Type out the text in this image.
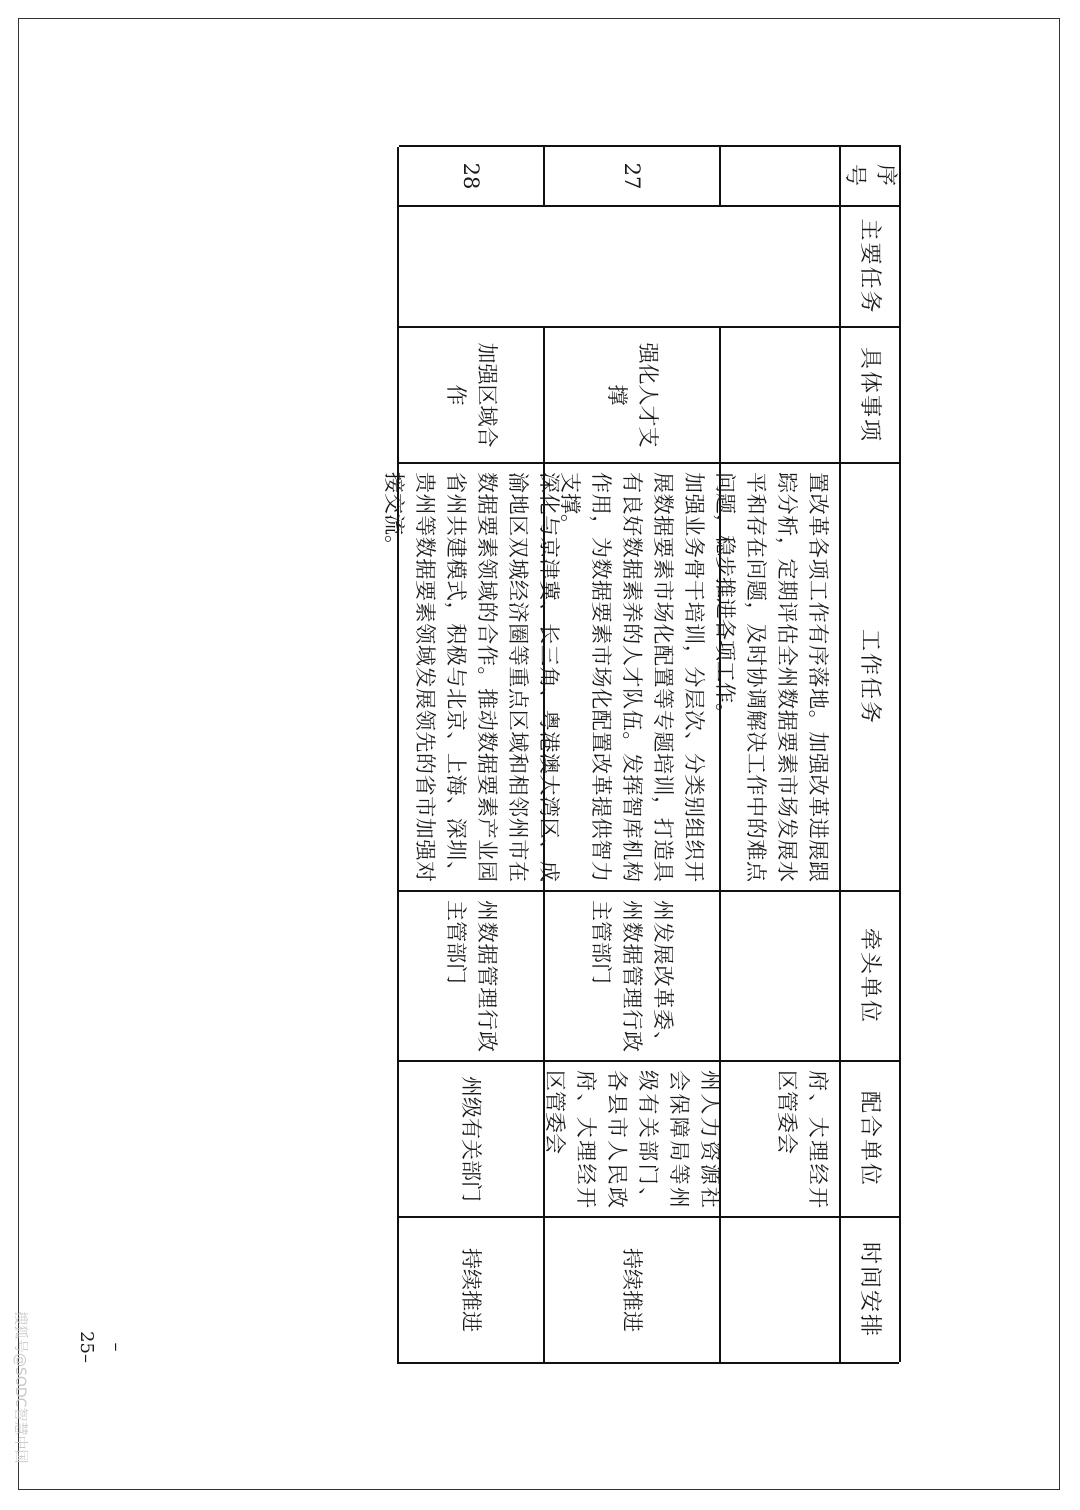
序号
主要任务
具体事项
工作任务
牵头单位
配合单位
时间安排
置改革各项工作有序落地。加强改革进展跟踪分析，定期评估全州数据要素市场发展水平和存在问题，及时协调解决工作中的难点问题，稳步推进各项工作。
府、大理经开区管委会
27
强化人才支撑
加强业务骨干培训，分层次、分类别组织开展数据要素市场化配置等专题培训，打造具有良好数据素养的人才队伍。发挥智库机构作用，为数据要素市场化配置改革提供智力支撑。
州发展改革委、州数据管理行政主管部门
州人力资源社会保障局等州级有关部门、各县市人民政府、大理经开区管委会
持续推进
28
加强区域合作
深化与京津冀、长三角、粤港澳大湾区、成渝地区双城经济圈等重点区域和相邻州市在数据要素领域的合作。推动数据要素产业园省州共建模式，积极与北京、上海、深圳、贵州等数据要素领域发展领先的省市加强对接交流。
州数据管理行政主管部门
州级有关部门
持续推进
–25–
搜狐号@SODC智慧中国
